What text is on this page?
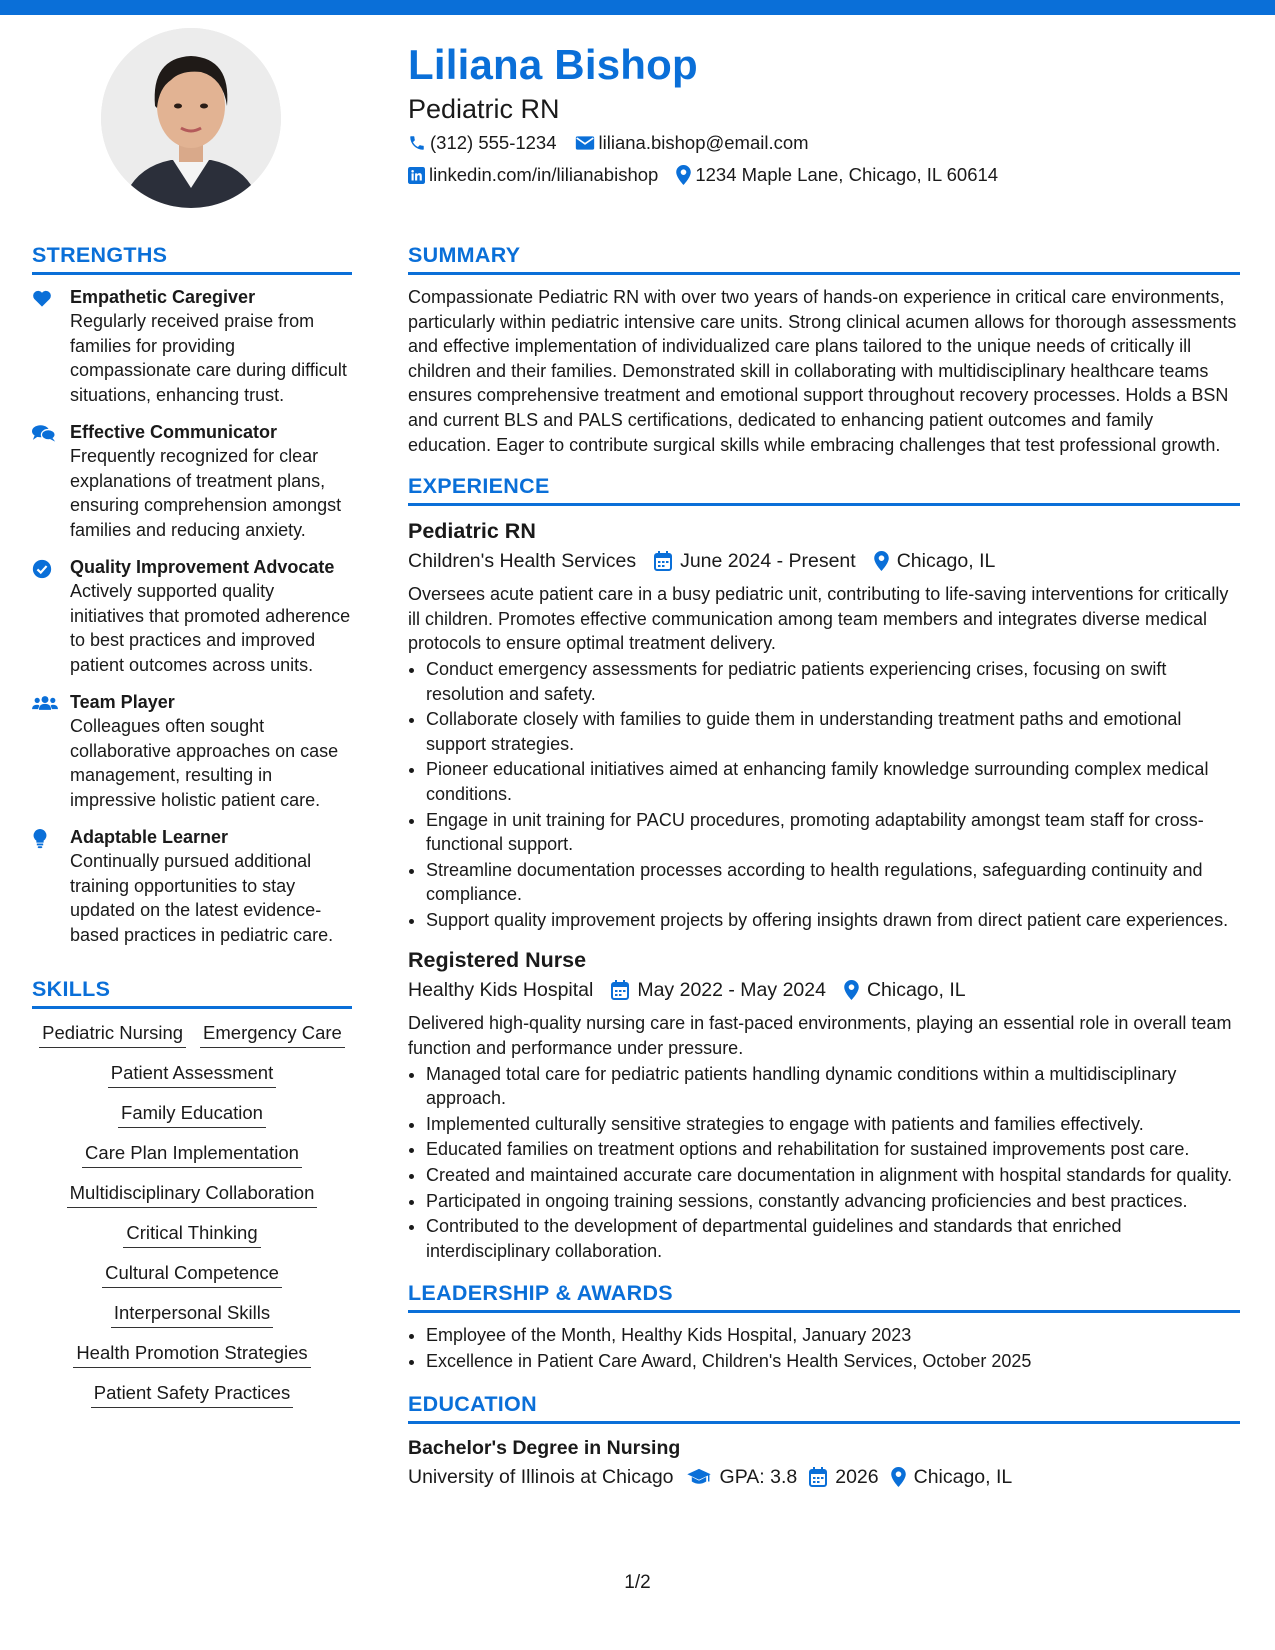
Liliana Bishop
Pediatric RN
(312) 555-1234 liliana.bishop@email.com
linkedin.com/in/lilianabishop 1234 Maple Lane, Chicago, IL 60614
STRENGTHS
Empathetic Caregiver
Regularly received praise from families for providing compassionate care during difficult situations, enhancing trust.
Effective Communicator
Frequently recognized for clear explanations of treatment plans, ensuring comprehension amongst families and reducing anxiety.
Quality Improvement Advocate
Actively supported quality initiatives that promoted adherence to best practices and improved patient outcomes across units.
Team Player
Colleagues often sought collaborative approaches on case management, resulting in impressive holistic patient care.
Adaptable Learner
Continually pursued additional training opportunities to stay updated on the latest evidence-based practices in pediatric care.
SKILLS
Pediatric Nursing Emergency Care
Patient Assessment
Family Education
Care Plan Implementation
Multidisciplinary Collaboration
Critical Thinking
Cultural Competence
Interpersonal Skills
Health Promotion Strategies
Patient Safety Practices
SUMMARY
Compassionate Pediatric RN with over two years of hands-on experience in critical care environments, particularly within pediatric intensive care units. Strong clinical acumen allows for thorough assessments and effective implementation of individualized care plans tailored to the unique needs of critically ill children and their families. Demonstrated skill in collaborating with multidisciplinary healthcare teams ensures comprehensive treatment and emotional support throughout recovery processes. Holds a BSN and current BLS and PALS certifications, dedicated to enhancing patient outcomes and family education. Eager to contribute surgical skills while embracing challenges that test professional growth.
EXPERIENCE
Pediatric RN
Children's Health Services June 2024 - Present Chicago, IL
Oversees acute patient care in a busy pediatric unit, contributing to life-saving interventions for critically ill children. Promotes effective communication among team members and integrates diverse medical protocols to ensure optimal treatment delivery.
• Conduct emergency assessments for pediatric patients experiencing crises, focusing on swift resolution and safety.
• Collaborate closely with families to guide them in understanding treatment paths and emotional support strategies.
• Pioneer educational initiatives aimed at enhancing family knowledge surrounding complex medical conditions.
• Engage in unit training for PACU procedures, promoting adaptability amongst team staff for cross-functional support.
• Streamline documentation processes according to health regulations, safeguarding continuity and compliance.
• Support quality improvement projects by offering insights drawn from direct patient care experiences.
Registered Nurse
Healthy Kids Hospital May 2022 - May 2024 Chicago, IL
Delivered high-quality nursing care in fast-paced environments, playing an essential role in overall team function and performance under pressure.
• Managed total care for pediatric patients handling dynamic conditions within a multidisciplinary approach.
• Implemented culturally sensitive strategies to engage with patients and families effectively.
• Educated families on treatment options and rehabilitation for sustained improvements post care.
• Created and maintained accurate care documentation in alignment with hospital standards for quality.
• Participated in ongoing training sessions, constantly advancing proficiencies and best practices.
• Contributed to the development of departmental guidelines and standards that enriched interdisciplinary collaboration.
LEADERSHIP & AWARDS
• Employee of the Month, Healthy Kids Hospital, January 2023
• Excellence in Patient Care Award, Children's Health Services, October 2025
EDUCATION
Bachelor's Degree in Nursing
University of Illinois at Chicago GPA: 3.8 2026 Chicago, IL
1/2
